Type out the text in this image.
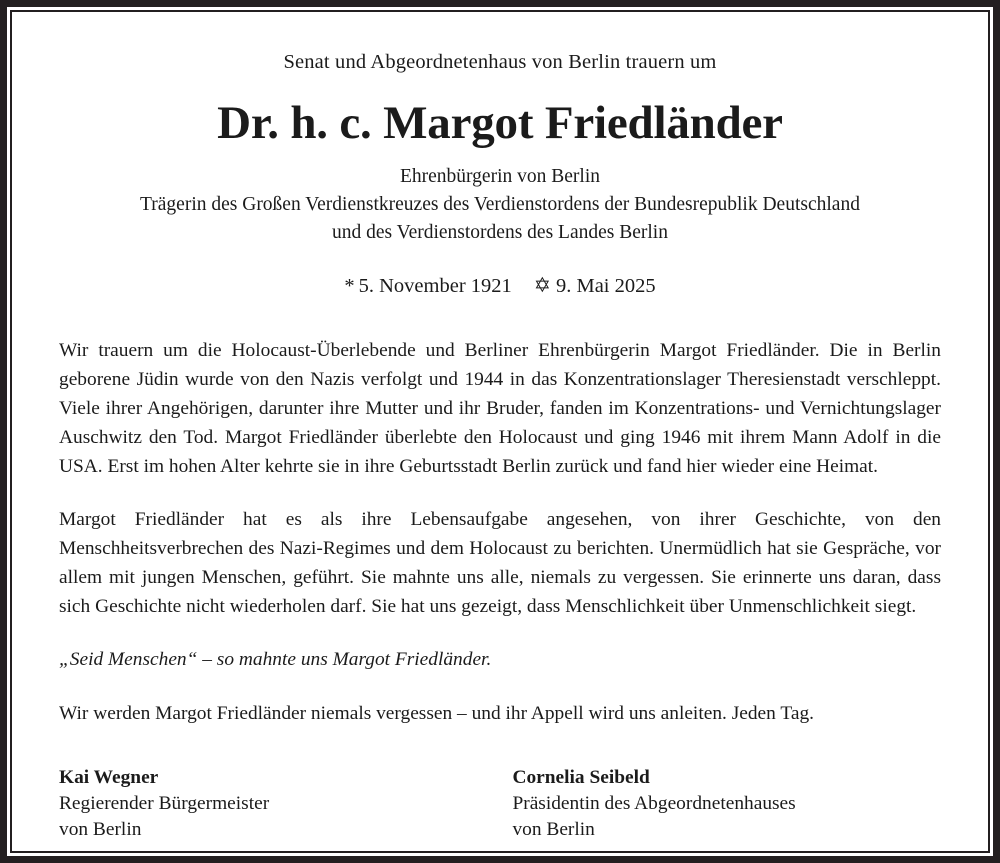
Senat und Abgeordnetenhaus von Berlin trauern um

Dr. h. c. Margot Friedländer
Ehrenbürgerin von Berlin
Trägerin des Großen Verdienstkreuzes des Verdienstordens der Bundesrepublik Deutschland
und des Verdienstordens des Landes Berlin

* 5. November 1921 ✡ 9. Mai 2025

Wir trauern um die Holocaust-Überlebende und Berliner Ehrenbürgerin Margot Friedländer. Die in Berlin geborene Jüdin wurde von den Nazis verfolgt und 1944 in das Konzentrationslager Theresienstadt verschleppt. Viele ihrer Angehörigen, darunter ihre Mutter und ihr Bruder, fanden im Konzentrations- und Vernichtungslager Auschwitz den Tod. Margot Friedländer überlebte den Holocaust und ging 1946 mit ihrem Mann Adolf in die USA. Erst im hohen Alter kehrte sie in ihre Geburtsstadt Berlin zurück und fand hier wieder eine Heimat.

Margot Friedländer hat es als ihre Lebensaufgabe angesehen, von ihrer Geschichte, von den Menschheitsverbrechen des Nazi-Regimes und dem Holocaust zu berichten. Unermüdlich hat sie Gespräche, vor allem mit jungen Menschen, geführt. Sie mahnte uns alle, niemals zu vergessen. Sie erinnerte uns daran, dass sich Geschichte nicht wiederholen darf. Sie hat uns gezeigt, dass Menschlichkeit über Unmenschlichkeit siegt.

„Seid Menschen“ – so mahnte uns Margot Friedländer.

Wir werden Margot Friedländer niemals vergessen – und ihr Appell wird uns anleiten. Jeden Tag.

Kai Wegner

Regierender Bürgermeister

von Berlin

Cornelia Seibeld

Präsidentin des Abgeordnetenhauses

von Berlin
